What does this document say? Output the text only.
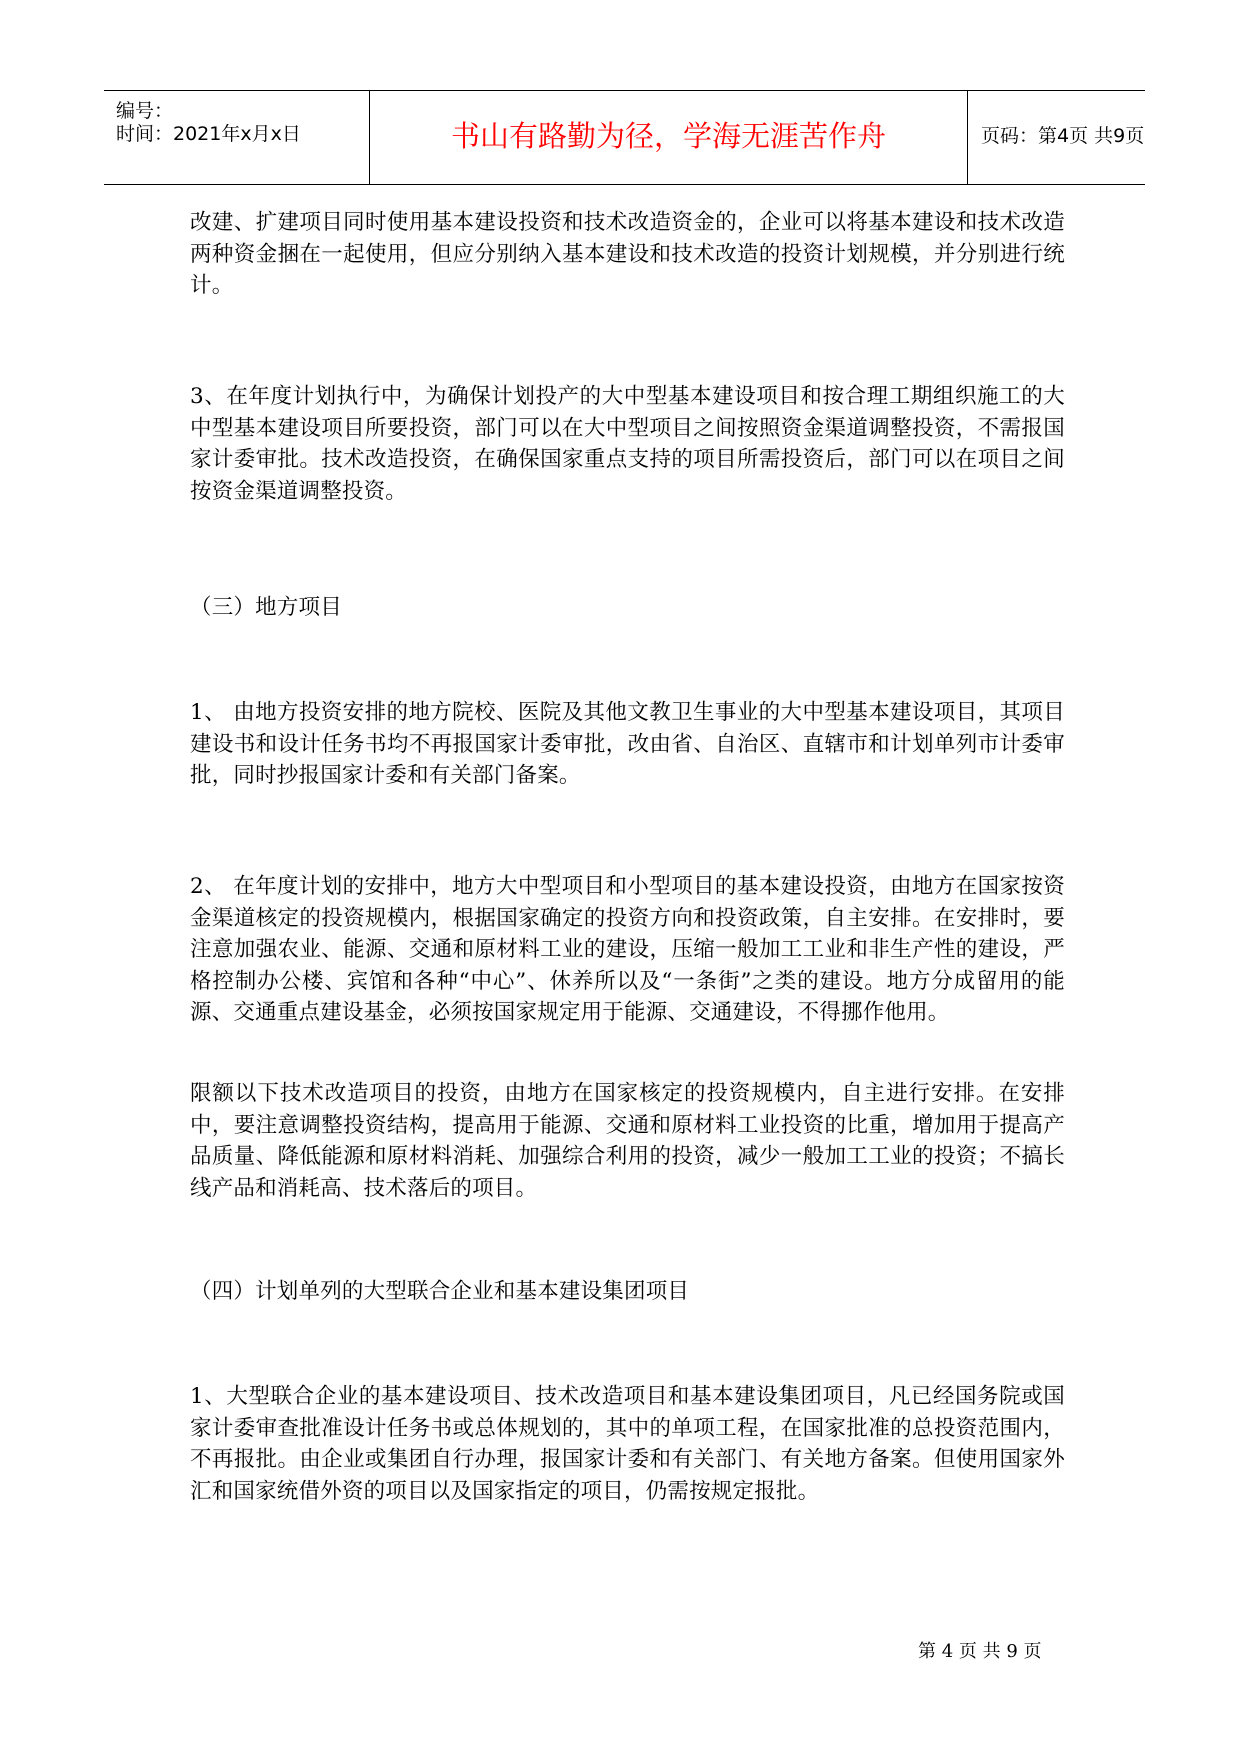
编号：
时间：2021年x月x日	书山有路勤为径，学海无涯苦作舟	页码：第4页 共9页

改建、扩建项目同时使用基本建设投资和技术改造资金的，企业可以将基本建设和技术改造两种资金捆在一起使用，但应分别纳入基本建设和技术改造的投资计划规模，并分别进行统计。

3、在年度计划执行中，为确保计划投产的大中型基本建设项目和按合理工期组织施工的大中型基本建设项目所要投资，部门可以在大中型项目之间按照资金渠道调整投资，不需报国家计委审批。技术改造投资，在确保国家重点支持的项目所需投资后，部门可以在项目之间按资金渠道调整投资。

（三）地方项目

1、 由地方投资安排的地方院校、医院及其他文教卫生事业的大中型基本建设项目，其项目建设书和设计任务书均不再报国家计委审批，改由省、自治区、直辖市和计划单列市计委审批，同时抄报国家计委和有关部门备案。

2、 在年度计划的安排中，地方大中型项目和小型项目的基本建设投资，由地方在国家按资金渠道核定的投资规模内，根据国家确定的投资方向和投资政策，自主安排。在安排时，要注意加强农业、能源、交通和原材料工业的建设，压缩一般加工工业和非生产性的建设，严格控制办公楼、宾馆和各种“中心”、休养所以及“一条街”之类的建设。地方分成留用的能源、交通重点建设基金，必须按国家规定用于能源、交通建设，不得挪作他用。

限额以下技术改造项目的投资，由地方在国家核定的投资规模内，自主进行安排。在安排中，要注意调整投资结构，提高用于能源、交通和原材料工业投资的比重，增加用于提高产品质量、降低能源和原材料消耗、加强综合利用的投资，减少一般加工工业的投资；不搞长线产品和消耗高、技术落后的项目。

（四）计划单列的大型联合企业和基本建设集团项目

1、大型联合企业的基本建设项目、技术改造项目和基本建设集团项目，凡已经国务院或国家计委审查批准设计任务书或总体规划的，其中的单项工程，在国家批准的总投资范围内，不再报批。由企业或集团自行办理，报国家计委和有关部门、有关地方备案。但使用国家外汇和国家统借外资的项目以及国家指定的项目，仍需按规定报批。

第 4 页 共 9 页
